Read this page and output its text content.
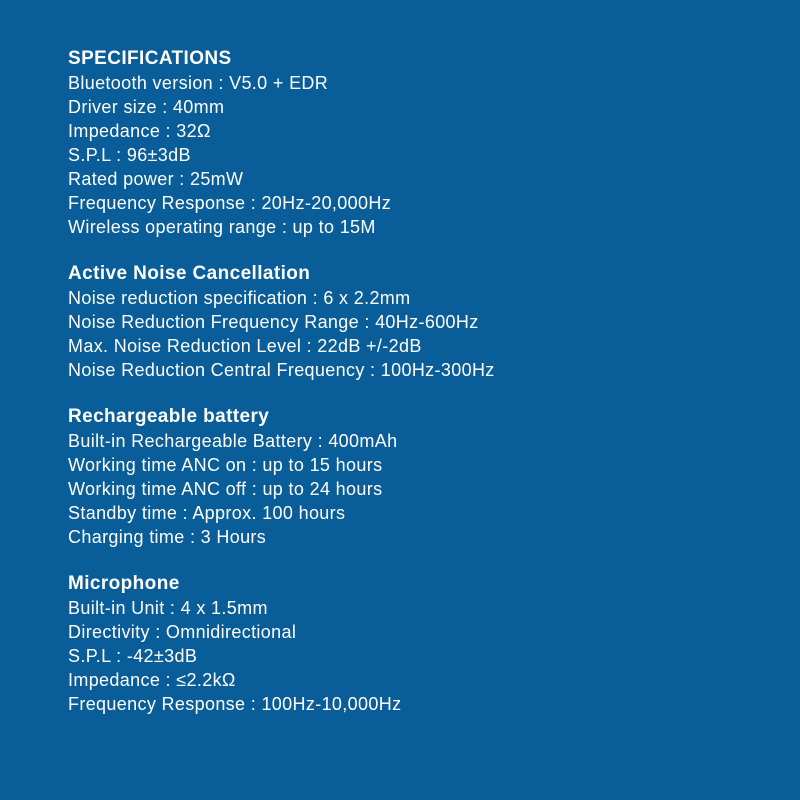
SPECIFICATIONS
Bluetooth version : V5.0 + EDR
Driver size : 40mm
Impedance : 32Ω
S.P.L : 96±3dB
Rated power : 25mW
Frequency Response : 20Hz-20,000Hz
Wireless operating range : up to 15M
Active Noise Cancellation
Noise reduction specification : 6 x 2.2mm
Noise Reduction Frequency Range : 40Hz-600Hz
Max. Noise Reduction Level : 22dB +/-2dB
Noise Reduction Central Frequency : 100Hz-300Hz
Rechargeable battery
Built-in Rechargeable Battery : 400mAh
Working time ANC on : up to 15 hours
Working time ANC off : up to 24 hours
Standby time : Approx. 100 hours
Charging time : 3 Hours
Microphone
Built-in Unit : 4 x 1.5mm
Directivity : Omnidirectional
S.P.L : -42±3dB
Impedance : ≤2.2kΩ
Frequency Response : 100Hz-10,000Hz
